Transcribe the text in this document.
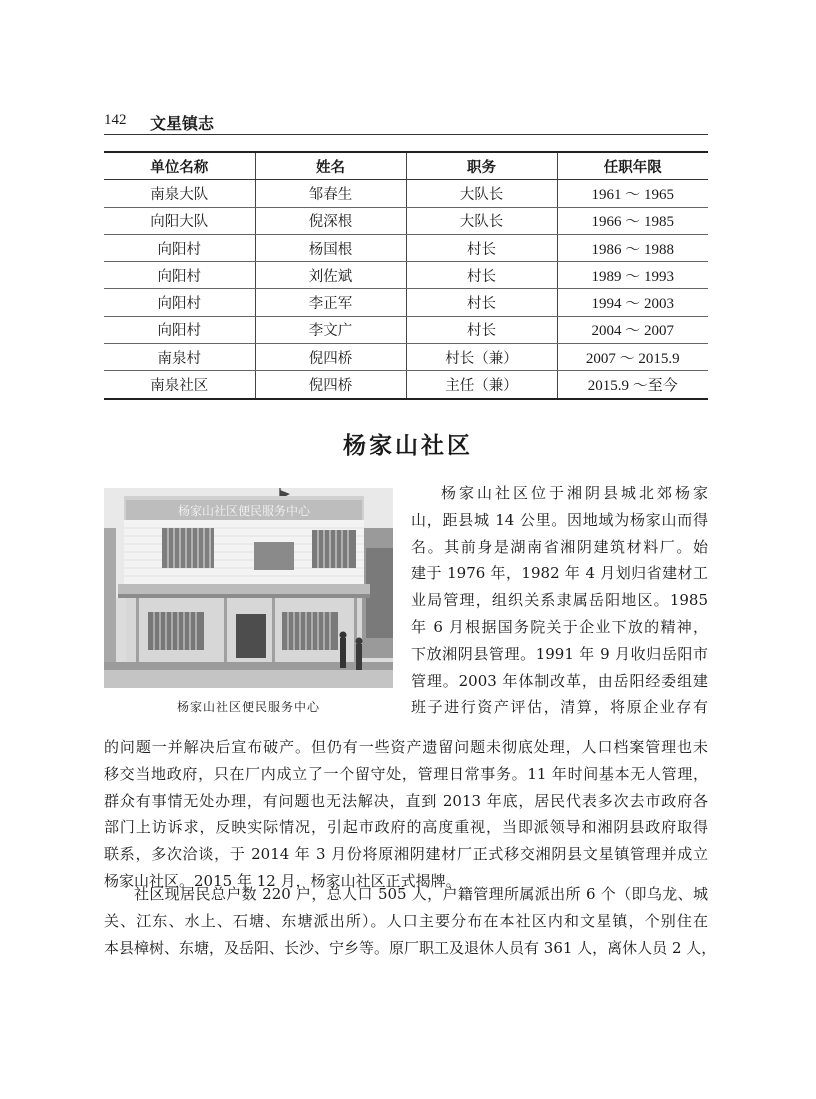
142 文星镇志
单位名称	姓名	职务	任职年限
南泉大队	邹春生	大队长	1961 ～ 1965
向阳大队	倪深根	大队长	1966 ～ 1985
向阳村	杨国根	村长	1986 ～ 1988
向阳村	刘佐斌	村长	1989 ～ 1993
向阳村	李正军	村长	1994 ～ 2003
向阳村	李文广	村长	2004 ～ 2007
南泉村	倪四桥	村长（兼）	2007 ～ 2015.9
南泉社区	倪四桥	主任（兼）	2015.9 ～至今
杨家山社区
杨家山社区便民服务中心
杨家山社区便民服务中心
杨家山社区位于湘阴县城北郊杨家
山，距县城 14 公里。因地域为杨家山而得
名。其前身是湖南省湘阴建筑材料厂。始
建于 1976 年，1982 年 4 月划归省建材工
业局管理，组织关系隶属岳阳地区。1985
年 6 月根据国务院关于企业下放的精神，
下放湘阴县管理。1991 年 9 月收归岳阳市
管理。2003 年体制改革，由岳阳经委组建
班子进行资产评估，清算，将原企业存有
的问题一并解决后宣布破产。但仍有一些资产遗留问题未彻底处理，人口档案管理也未
移交当地政府，只在厂内成立了一个留守处，管理日常事务。11 年时间基本无人管理，
群众有事情无处办理，有问题也无法解决，直到 2013 年底，居民代表多次去市政府各
部门上访诉求，反映实际情况，引起市政府的高度重视，当即派领导和湘阴县政府取得
联系，多次洽谈，于 2014 年 3 月份将原湘阴建材厂正式移交湘阴县文星镇管理并成立
杨家山社区。2015 年 12 月，杨家山社区正式揭牌。
社区现居民总户数 220 户，总人口 505 人，户籍管理所属派出所 6 个（即乌龙、城
关、江东、水上、石塘、东塘派出所）。人口主要分布在本社区内和文星镇，个别住在
本县樟树、东塘，及岳阳、长沙、宁乡等。原厂职工及退休人员有 361 人，离休人员 2 人，
